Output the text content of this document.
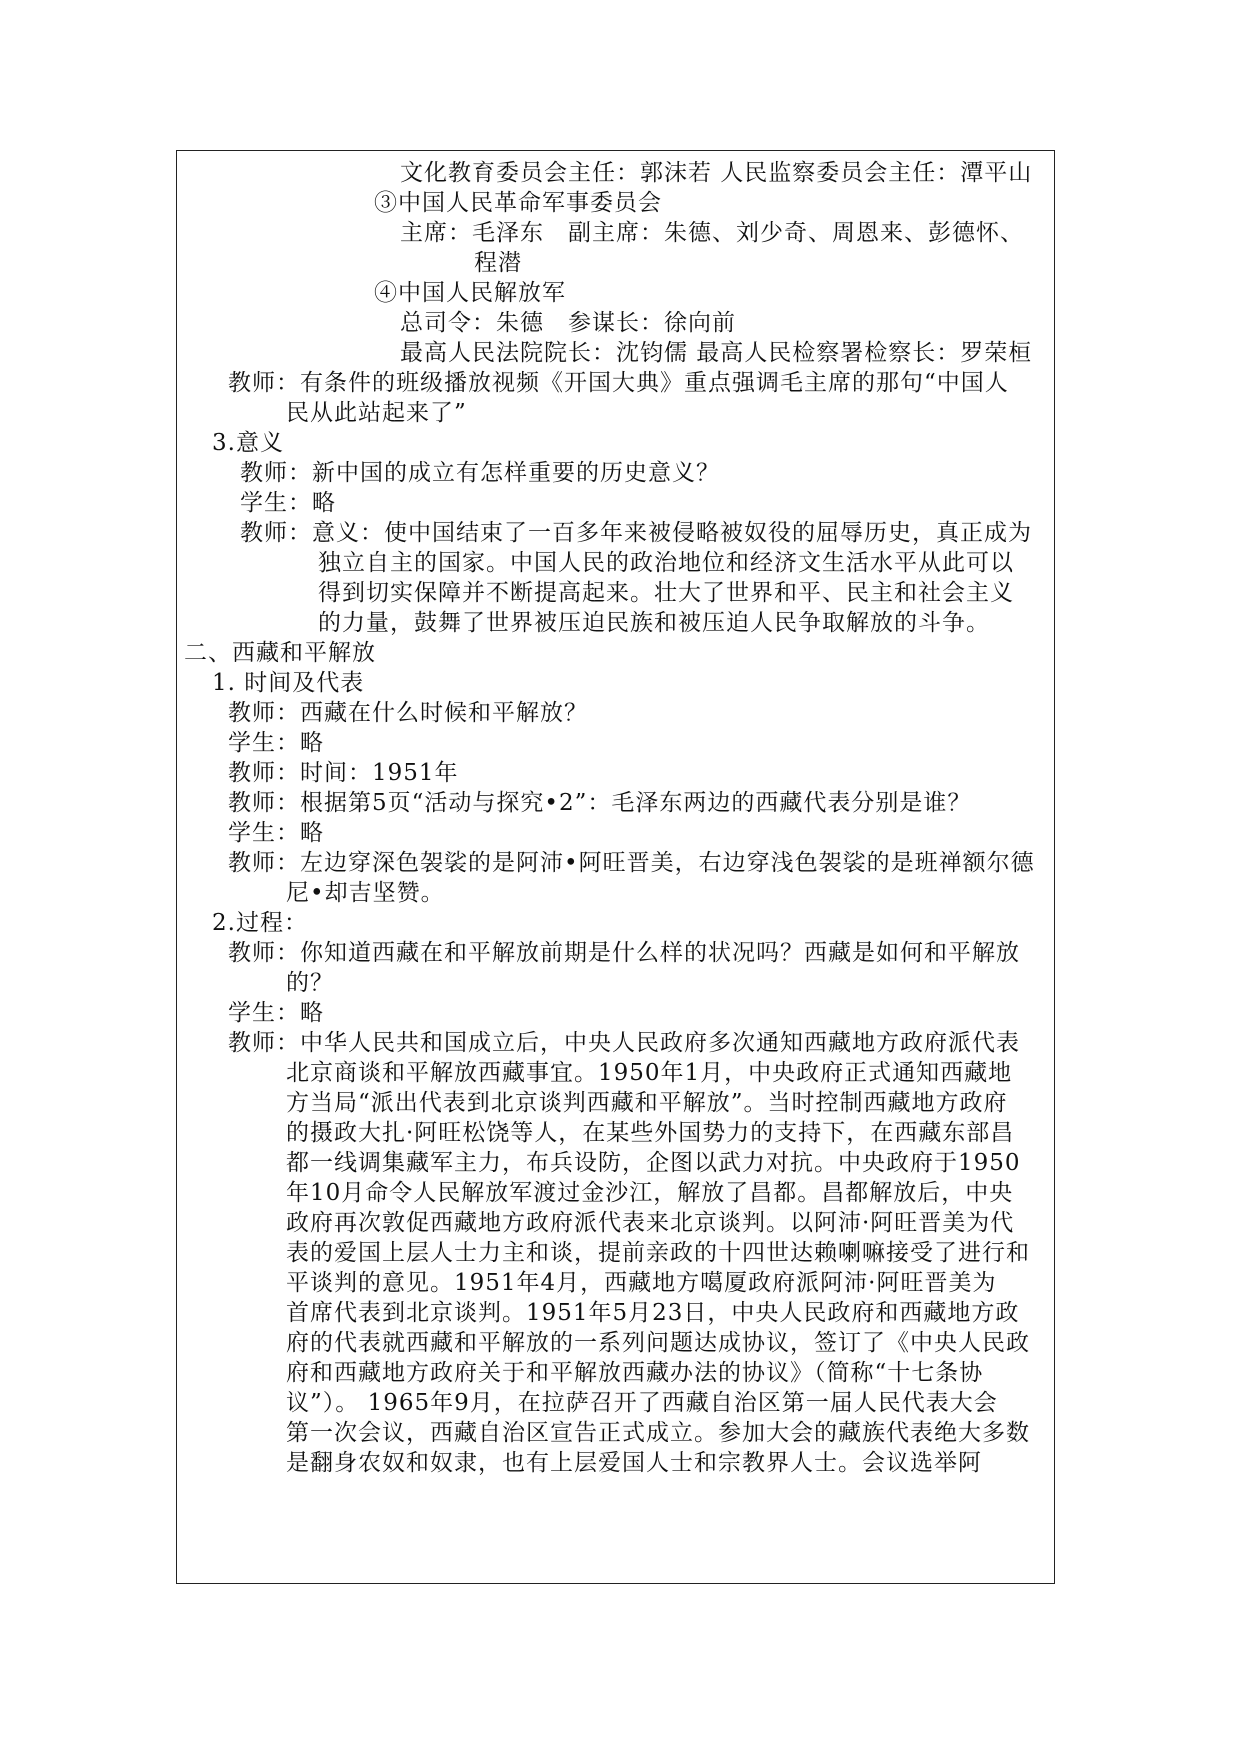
文化教育委员会主任：郭沫若 人民监察委员会主任：潭平山
③中国人民革命军事委员会
主席：毛泽东　副主席：朱德、刘少奇、周恩来、彭德怀、
程潜
④中国人民解放军
总司令：朱德　参谋长：徐向前
最高人民法院院长：沈钧儒 最高人民检察署检察长：罗荣桓
教师：有条件的班级播放视频《开国大典》重点强调毛主席的那句“中国人
民从此站起来了”
3.意义
教师：新中国的成立有怎样重要的历史意义？
学生：略
教师：意义：使中国结束了一百多年来被侵略被奴役的屈辱历史，真正成为
独立自主的国家。中国人民的政治地位和经济文生活水平从此可以
得到切实保障并不断提高起来。壮大了世界和平、民主和社会主义
的力量，鼓舞了世界被压迫民族和被压迫人民争取解放的斗争。
二、西藏和平解放
1. 时间及代表
教师：西藏在什么时候和平解放？
学生：略
教师：时间：1951年
教师：根据第5页“活动与探究•2”：毛泽东两边的西藏代表分别是谁？
学生：略
教师：左边穿深色袈裟的是阿沛•阿旺晋美，右边穿浅色袈裟的是班禅额尔德
尼•却吉坚赞。
2.过程：
教师：你知道西藏在和平解放前期是什么样的状况吗？西藏是如何和平解放
的？
学生：略
教师：中华人民共和国成立后，中央人民政府多次通知西藏地方政府派代表
北京商谈和平解放西藏事宜。1950年1月，中央政府正式通知西藏地
方当局“派出代表到北京谈判西藏和平解放”。当时控制西藏地方政府
的摄政大扎·阿旺松饶等人，在某些外国势力的支持下，在西藏东部昌
都一线调集藏军主力，布兵设防，企图以武力对抗。中央政府于1950
年10月命令人民解放军渡过金沙江，解放了昌都。昌都解放后，中央
政府再次敦促西藏地方政府派代表来北京谈判。以阿沛·阿旺晋美为代
表的爱国上层人士力主和谈，提前亲政的十四世达赖喇嘛接受了进行和
平谈判的意见。1951年4月，西藏地方噶厦政府派阿沛·阿旺晋美为
首席代表到北京谈判。1951年5月23日，中央人民政府和西藏地方政
府的代表就西藏和平解放的一系列问题达成协议，签订了《中央人民政
府和西藏地方政府关于和平解放西藏办法的协议》（简称“十七条协
议”）。 1965年9月，在拉萨召开了西藏自治区第一届人民代表大会
第一次会议，西藏自治区宣告正式成立。参加大会的藏族代表绝大多数
是翻身农奴和奴隶，也有上层爱国人士和宗教界人士。会议选举阿
